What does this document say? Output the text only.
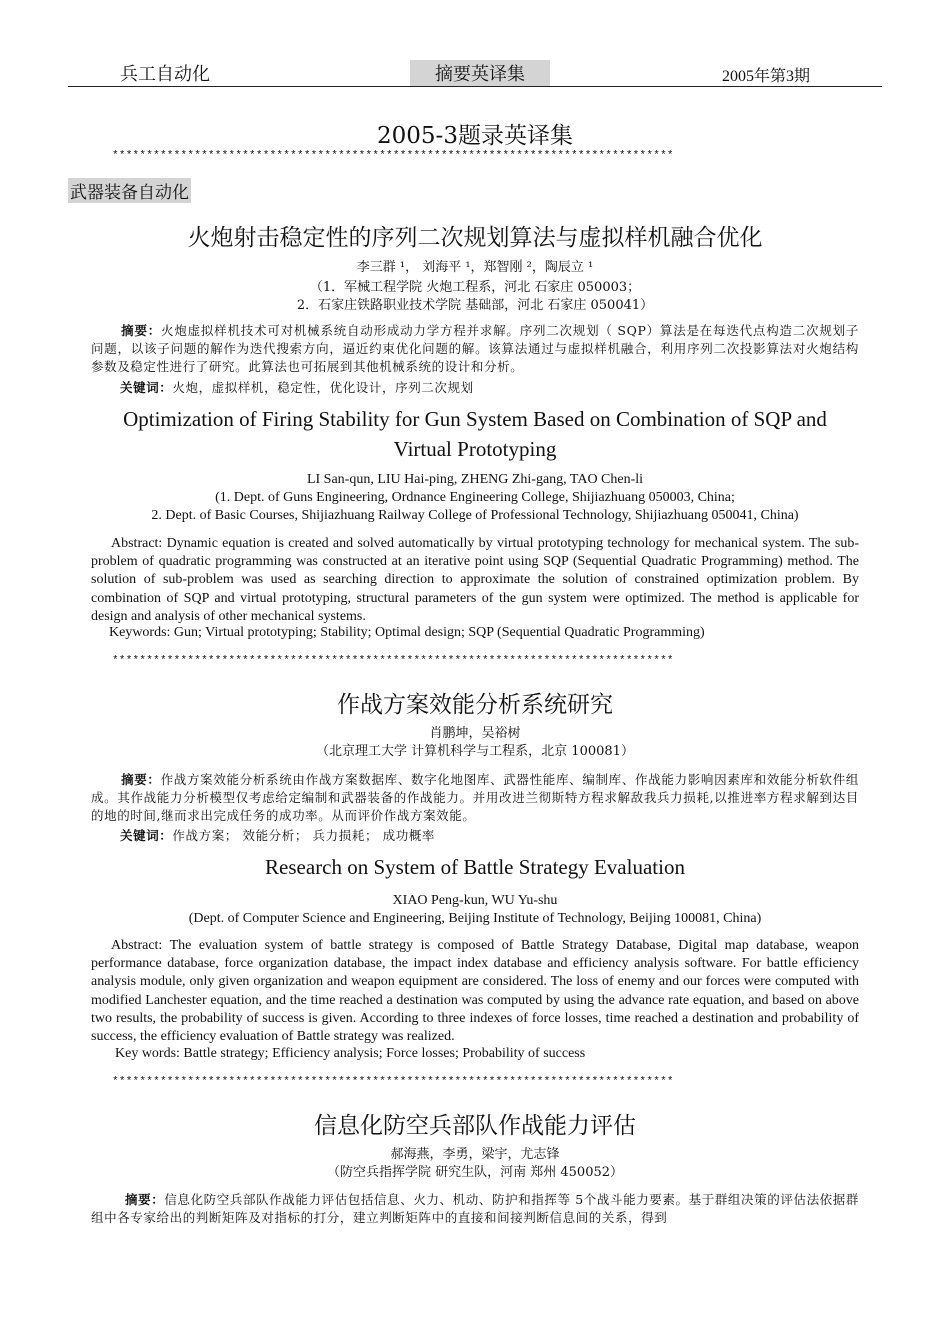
兵工自动化	摘要英译集	2005年第3期
2005-3题录英译集
**********************************************************************************
武器装备自动化
火炮射击稳定性的序列二次规划算法与虚拟样机融合优化
李三群 ¹， 刘海平 ¹，郑智刚 ²，陶辰立 ¹
（1．军械工程学院 火炮工程系，河北 石家庄 050003；
2．石家庄铁路职业技术学院 基础部，河北 石家庄 050041）
摘要：火炮虚拟样机技术可对机械系统自动形成动力学方程并求解。序列二次规划（ SQP）算法是在每迭代点构造二次规划子问题，以该子问题的解作为迭代搜索方向，逼近约束优化问题的解。该算法通过与虚拟样机融合，利用序列二次投影算法对火炮结构参数及稳定性进行了研究。此算法也可拓展到其他机械系统的设计和分析。
关键词：火炮，虚拟样机，稳定性，优化设计，序列二次规划
Optimization of Firing Stability for Gun System Based on Combination of SQP and Virtual Prototyping
LI San-qun, LIU Hai-ping, ZHENG Zhi-gang, TAO Chen-li
(1. Dept. of Guns Engineering, Ordnance Engineering College, Shijiazhuang 050003, China;
2. Dept. of Basic Courses, Shijiazhuang Railway College of Professional Technology, Shijiazhuang 050041, China)
Abstract: Dynamic equation is created and solved automatically by virtual prototyping technology for mechanical system. The sub-problem of quadratic programming was constructed at an iterative point using SQP (Sequential Quadratic Programming) method. The solution of sub-problem was used as searching direction to approximate the solution of constrained optimization problem. By combination of SQP and virtual prototyping, structural parameters of the gun system were optimized. The method is applicable for design and analysis of other mechanical systems.
Keywords: Gun; Virtual prototyping; Stability; Optimal design; SQP (Sequential Quadratic Programming)
**********************************************************************************
作战方案效能分析系统研究
肖鹏坤，吴裕树
（北京理工大学 计算机科学与工程系，北京 100081）
摘要：作战方案效能分析系统由作战方案数据库、数字化地图库、武器性能库、编制库、作战能力影响因素库和效能分析软件组成。其作战能力分析模型仅考虑给定编制和武器装备的作战能力。并用改进兰彻斯特方程求解敌我兵力损耗,以推进率方程求解到达目的地的时间,继而求出完成任务的成功率。从而评价作战方案效能。
关键词：作战方案； 效能分析； 兵力损耗； 成功概率
Research on System of Battle Strategy Evaluation
XIAO Peng-kun, WU Yu-shu
(Dept. of Computer Science and Engineering, Beijing Institute of Technology, Beijing 100081, China)
Abstract: The evaluation system of battle strategy is composed of Battle Strategy Database, Digital map database, weapon performance database, force organization database, the impact index database and efficiency analysis software. For battle efficiency analysis module, only given organization and weapon equipment are considered. The loss of enemy and our forces were computed with modified Lanchester equation, and the time reached a destination was computed by using the advance rate equation, and based on above two results, the probability of success is given. According to three indexes of force losses, time reached a destination and probability of success, the efficiency evaluation of Battle strategy was realized.
Key words: Battle strategy; Efficiency analysis; Force losses; Probability of success
**********************************************************************************
信息化防空兵部队作战能力评估
郝海燕，李勇，梁宇，尤志锋
（防空兵指挥学院 研究生队，河南 郑州 450052）
摘要：信息化防空兵部队作战能力评估包括信息、火力、机动、防护和指挥等 5个战斗能力要素。基于群组决策的评估法依据群组中各专家给出的判断矩阵及对指标的打分，建立判断矩阵中的直接和间接判断信息间的关系，得到
